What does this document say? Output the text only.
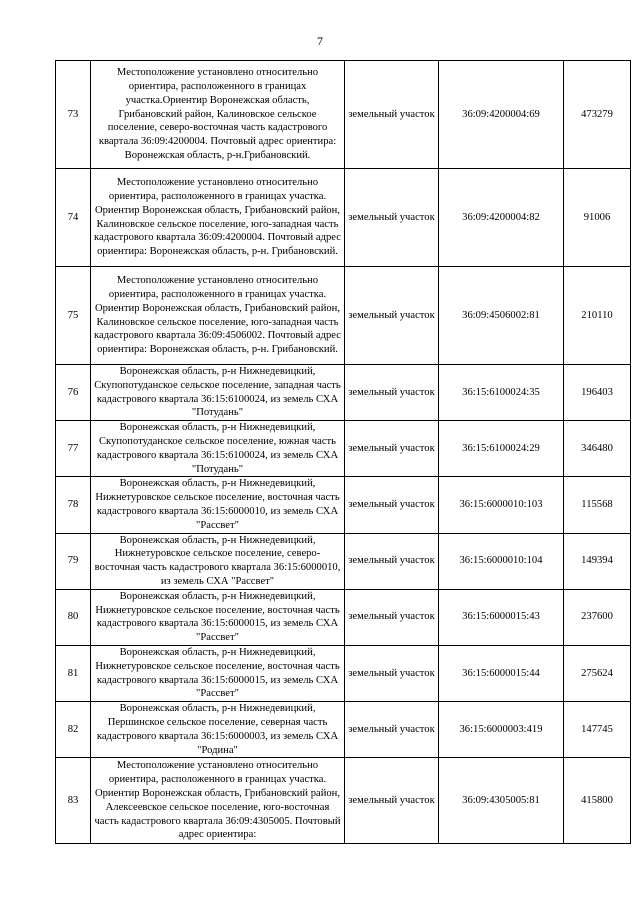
7
73	Местоположение установлено относительно ориентира, расположенного в границах участка.Ориентир Воронежская область, Грибановский район, Калиновское сельское поселение, северо-восточная часть кадастрового квартала 36:09:4200004. Почтовый адрес ориентира: Воронежская область, р-н.Грибановский.	земельный участок	36:09:4200004:69	473279
74	Местоположение установлено относительно ориентира, расположенного в границах участка. Ориентир Воронежская область, Грибановский район, Калиновское сельское поселение, юго-западная часть кадастрового квартала 36:09:4200004. Почтовый адрес ориентира: Воронежская область, р-н. Грибановский.	земельный участок	36:09:4200004:82	91006
75	Местоположение установлено относительно ориентира, расположенного в границах участка. Ориентир Воронежская область, Грибановский район, Калиновское сельское поселение, юго-западная часть кадастрового квартала 36:09:4506002. Почтовый адрес ориентира: Воронежская область, р-н. Грибановский.	земельный участок	36:09:4506002:81	210110
76	Воронежская область, р-н Нижнедевицкий, Скупопотуданское сельское поселение, западная часть кадастрового квартала 36:15:6100024, из земель СХА "Потудань"	земельный участок	36:15:6100024:35	196403
77	Воронежская область, р-н Нижнедевицкий, Скупопотуданское сельское поселение, южная часть кадастрового квартала 36:15:6100024, из земель СХА "Потудань"	земельный участок	36:15:6100024:29	346480
78	Воронежская область, р-н Нижнедевицкий, Нижнетуровское сельское поселение, восточная часть кадастрового квартала 36:15:6000010, из земель СХА "Рассвет"	земельный участок	36:15:6000010:103	115568
79	Воронежская область, р-н Нижнедевицкий, Нижнетуровское сельское поселение, северо-восточная часть кадастрового квартала 36:15:6000010, из земель СХА "Рассвет"	земельный участок	36:15:6000010:104	149394
80	Воронежская область, р-н Нижнедевицкий, Нижнетуровское сельское поселение, восточная часть кадастрового квартала 36:15:6000015, из земель СХА "Рассвет"	земельный участок	36:15:6000015:43	237600
81	Воронежская область, р-н Нижнедевицкий, Нижнетуровское сельское поселение, восточная часть кадастрового квартала 36:15:6000015, из земель СХА "Рассвет"	земельный участок	36:15:6000015:44	275624
82	Воронежская область, р-н Нижнедевицкий, Першинское сельское поселение, северная часть кадастрового квартала 36:15:6000003, из земель СХА "Родина"	земельный участок	36:15:6000003:419	147745
83	Местоположение установлено относительно ориентира, расположенного в границах участка. Ориентир Воронежская область, Грибановский район, Алексеевское сельское поселение, юго-восточная часть кадастрового квартала 36:09:4305005. Почтовый адрес ориентира:	земельный участок	36:09:4305005:81	415800
